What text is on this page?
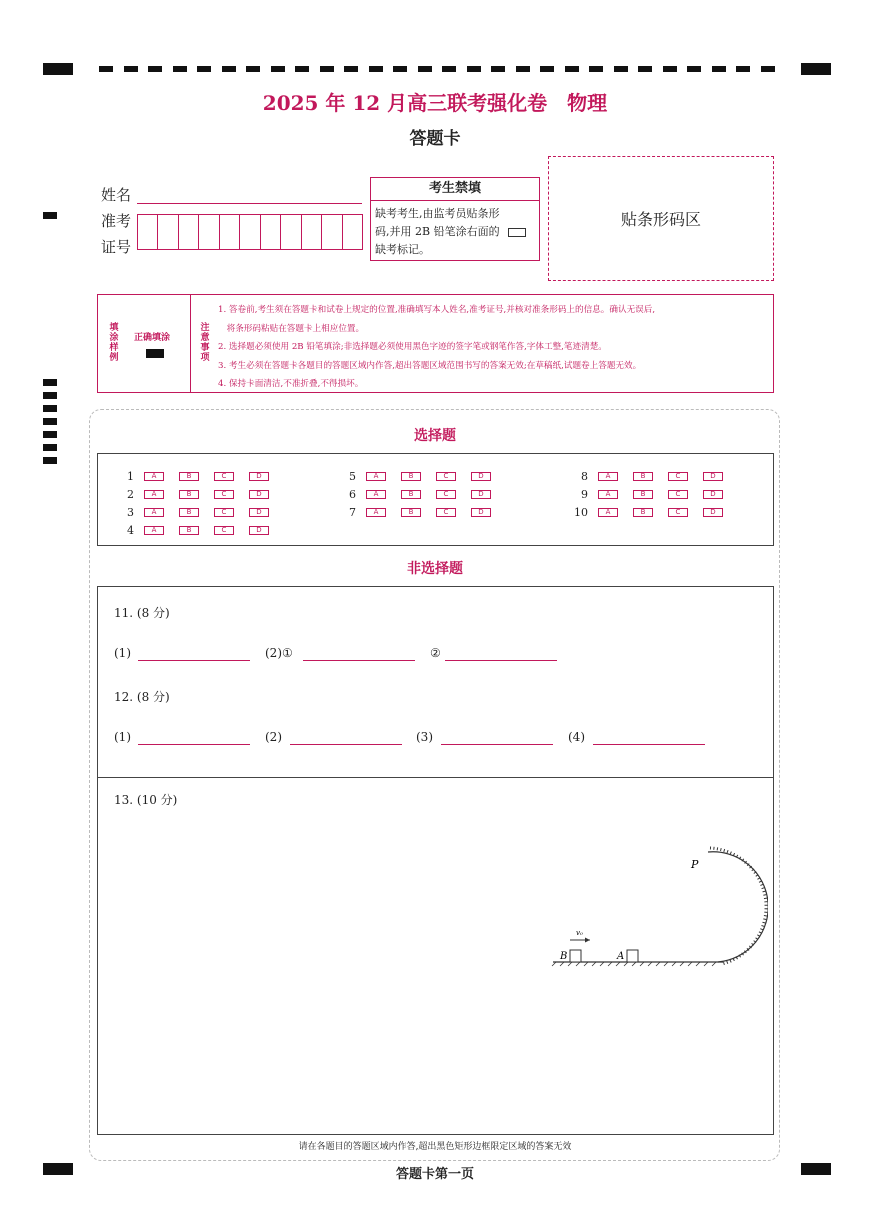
2025 年 12 月高三联考强化卷　物理
答题卡
姓名
准考
证号
考生禁填
缺考考生,由监考员贴条形码,并用 2B 铅笔涂右面的缺考标记。
贴条形码区
填涂样例
正确填涂
注意事项
1. 答卷前,考生须在答题卡和试卷上规定的位置,准确填写本人姓名,准考证号,并核对准条形码上的信息。确认无误后,
　将条形码粘贴在答题卡上相应位置。
2. 选择题必须使用 2B 铅笔填涂;非选择题必须使用黑色字迹的签字笔或钢笔作答,字体工整,笔迹清楚。
3. 考生必须在答题卡各题目的答题区域内作答,超出答题区域范围书写的答案无效;在草稿纸,试题卷上答题无效。
4. 保持卡面清洁,不准折叠,不得损坏。
选择题
1	A	B	C	D
2	A	B	C	D
3	A	B	C	D
4	A	B	C	D
5	A	B	C	D
6	A	B	C	D
7	A	B	C	D
8	A	B	C	D
9	A	B	C	D
10	A	B	C	D
非选择题
11. (8 分)
(1)	(2)①	②
12. (8 分)
(1)	(2)	(3)	(4)
13. (10 分)
v₀
B	A
P
请在各题目的答题区域内作答,超出黑色矩形边框限定区域的答案无效
答题卡第一页
